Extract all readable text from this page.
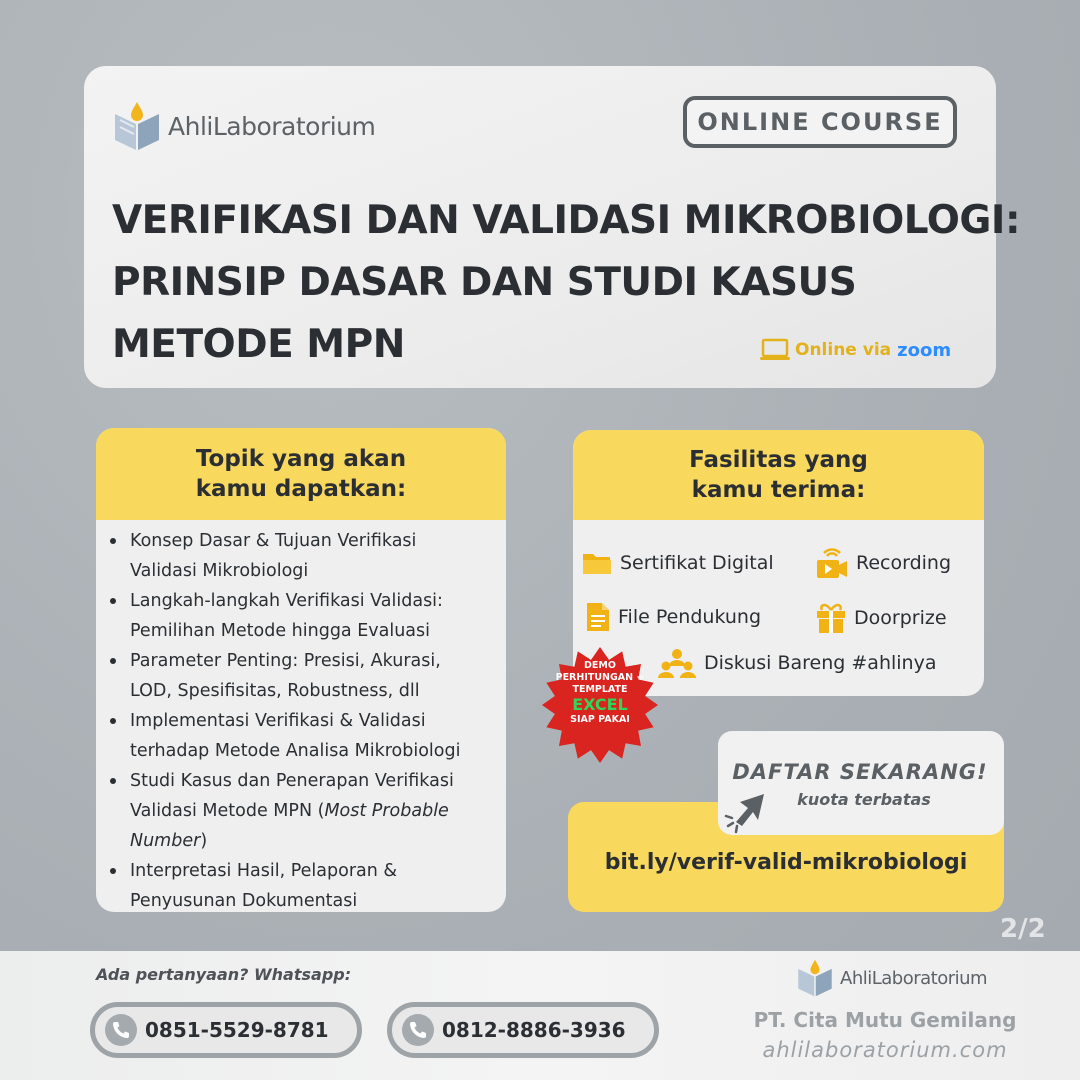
AhliLaboratorium	ONLINE COURSE
VERIFIKASI DAN VALIDASI MIKROBIOLOGI:
PRINSIP DASAR DAN STUDI KASUS
METODE MPN	Online via zoom
Topik yang akan
kamu dapatkan:
Konsep Dasar & Tujuan Verifikasi
Validasi Mikrobiologi
Langkah-langkah Verifikasi Validasi:
Pemilihan Metode hingga Evaluasi
Parameter Penting: Presisi, Akurasi,
LOD, Spesifisitas, Robustness, dll
Implementasi Verifikasi & Validasi
terhadap Metode Analisa Mikrobiologi
Studi Kasus dan Penerapan Verifikasi
Validasi Metode MPN (Most Probable
Number)
Interpretasi Hasil, Pelaporan &
Penyusunan Dokumentasi
Fasilitas yang
kamu terima:
Sertifikat Digital	Recording
File Pendukung	Doorprize
Diskusi Bareng #ahlinya
DEMO
PERHITUNGAN +
TEMPLATE
EXCEL
SIAP PAKAI
DAFTAR SEKARANG!
kuota terbatas
bit.ly/verif-valid-mikrobiologi
2/2
Ada pertanyaan? Whatsapp:
0851-5529-8781	0812-8886-3936
AhliLaboratorium
PT. Cita Mutu Gemilang
ahlilaboratorium.com
